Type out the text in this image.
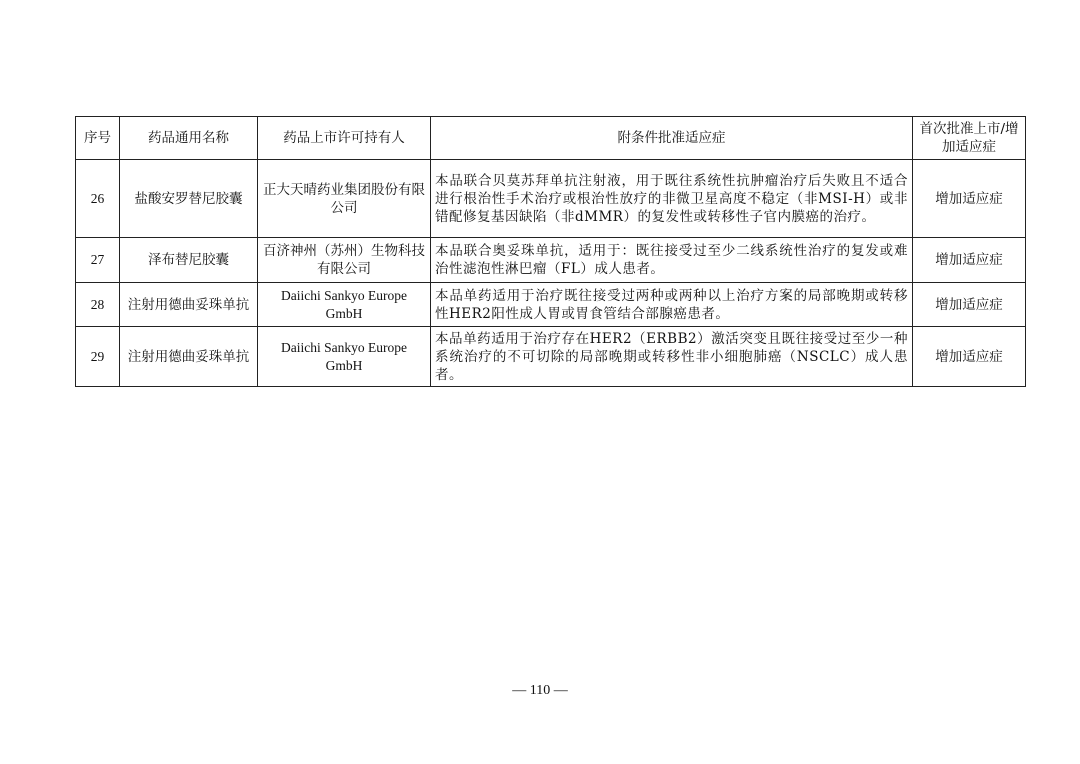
序号	药品通用名称	药品上市许可持有人	附条件批准适应症	首次批准上市/增加适应症
26	盐酸安罗替尼胶囊	正大天晴药业集团股份有限公司	本品联合贝莫苏拜单抗注射液，用于既往系统性抗肿瘤治疗后失败且不适合进行根治性手术治疗或根治性放疗的非微卫星高度不稳定（非MSI-H）或非错配修复基因缺陷（非dMMR）的复发性或转移性子官内膜癌的治疗。	增加适应症
27	泽布替尼胶囊	百济神州（苏州）生物科技有限公司	本品联合奥妥珠单抗，适用于：既往接受过至少二线系统性治疗的复发或难治性滤泡性淋巴瘤（FL）成人患者。	增加适应症
28	注射用德曲妥珠单抗	Daiichi Sankyo Europe GmbH	本品单药适用于治疗既往接受过两种或两种以上治疗方案的局部晚期或转移性HER2阳性成人胃或胃食管结合部腺癌患者。	增加适应症
29	注射用德曲妥珠单抗	Daiichi Sankyo Europe GmbH	本品单药适用于治疗存在HER2（ERBB2）激活突变且既往接受过至少一种系统治疗的不可切除的局部晚期或转移性非小细胞肺癌（NSCLC）成人患者。	增加适应症
— 110 —
